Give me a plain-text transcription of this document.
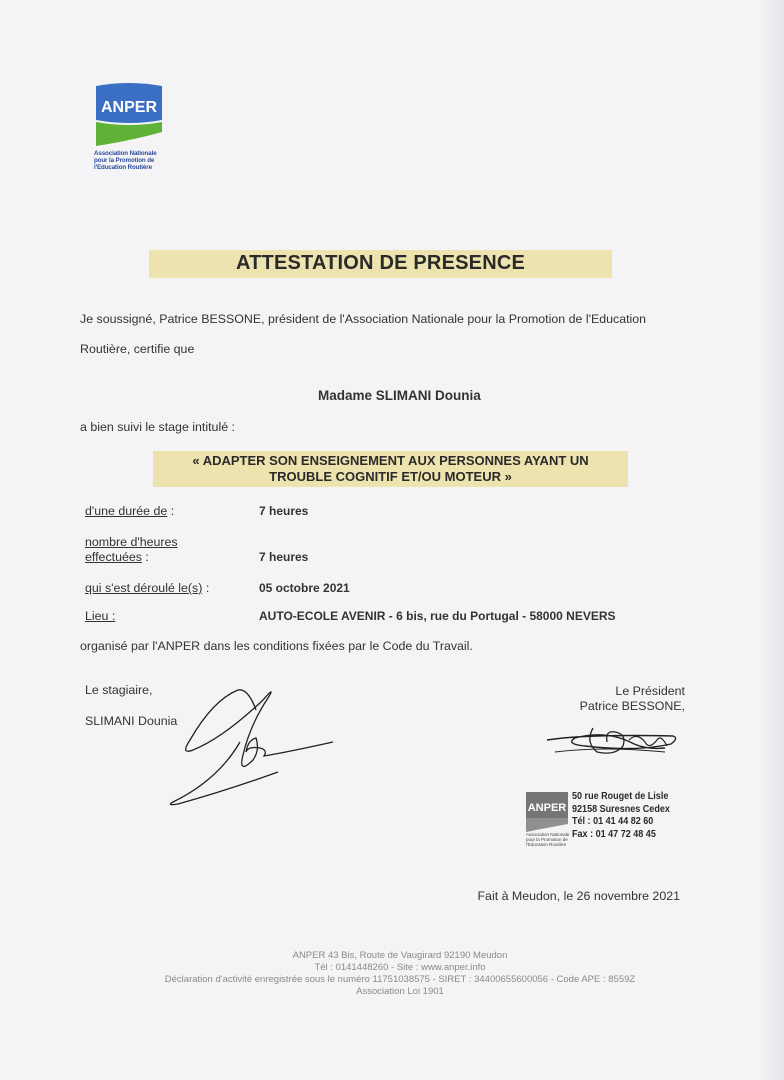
ANPER
Association Nationale
pour la Promotion de
l'Education Routière
ATTESTATION DE PRESENCE
Je soussigné, Patrice BESSONE, président de l'Association Nationale pour la Promotion de l'Education
Routière, certifie que
Madame SLIMANI Dounia
a bien suivi le stage intitulé :
« ADAPTER SON ENSEIGNEMENT AUX PERSONNES AYANT UN
TROUBLE COGNITIF ET/OU MOTEUR »
d'une durée de :	7 heures
nombre d'heures
effectuées :	7 heures
qui s'est déroulé le(s) :	05 octobre 2021
Lieu :	AUTO-ECOLE AVENIR - 6 bis, rue du Portugal - 58000 NEVERS
organisé par l'ANPER dans les conditions fixées par le Code du Travail.
Le stagiaire,
SLIMANI Dounia
Le Président
Patrice BESSONE,
ANPER
Association Nationale
pour la Promotion de
l'Education Routière
50 rue Rouget de Lisle
92158 Suresnes Cedex
Tél : 01 41 44 82 60
Fax : 01 47 72 48 45
Fait à Meudon, le 26 novembre 2021
ANPER 43 Bis, Route de Vaugirard 92190 Meudon
Tél : 0141448260 - Site : www.anper.info
Déclaration d'activité enregistrée sous le numéro 11751038575 - SIRET : 34400655600056 - Code APE : 8559Z
Association Loi 1901
